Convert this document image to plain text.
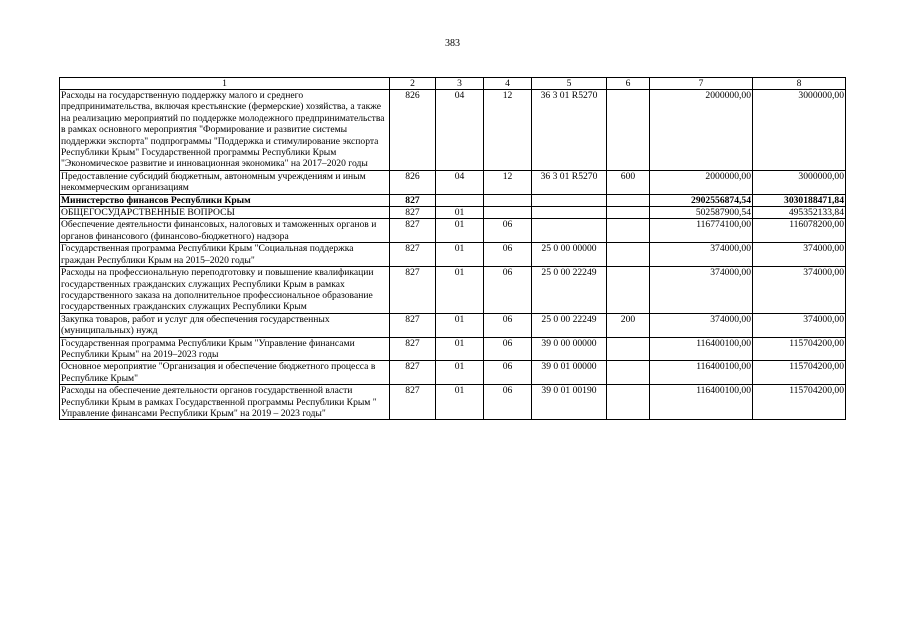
383
1	2	3	4	5	6	7	8
Расходы на государственную поддержку малого и среднего предпринимательства, включая крестьянские (фермерские) хозяйства, а также на реализацию мероприятий по поддержке молодежного предпринимательства в рамках основного мероприятия "Формирование и развитие системы поддержки экспорта" подпрограммы "Поддержка и стимулирование экспорта Республики Крым" Государственной программы Республики Крым "Экономическое развитие и инновационная экономика" на 2017–2020 годы	826	04	12	36 3 01 R5270		2000000,00	3000000,00
Предоставление субсидий бюджетным, автономным учреждениям и иным некоммерческим организациям	826	04	12	36 3 01 R5270	600	2000000,00	3000000,00
Министерство финансов Республики Крым	827					2902556874,54	3030188471,84
ОБЩЕГОСУДАРСТВЕННЫЕ ВОПРОСЫ	827	01				502587900,54	495352133,84
Обеспечение деятельности финансовых, налоговых и таможенных органов и органов финансового (финансово-бюджетного) надзора	827	01	06			116774100,00	116078200,00
Государственная программа Республики Крым "Социальная поддержка граждан Республики Крым на 2015–2020 годы"	827	01	06	25 0 00 00000		374000,00	374000,00
Расходы на профессиональную переподготовку и повышение квалификации государственных гражданских служащих Республики Крым в рамках государственного заказа на дополнительное профессиональное образование государственных гражданских служащих Республики Крым	827	01	06	25 0 00 22249		374000,00	374000,00
Закупка товаров, работ и услуг для обеспечения государственных (муниципальных) нужд	827	01	06	25 0 00 22249	200	374000,00	374000,00
Государственная программа Республики Крым "Управление финансами Республики Крым" на 2019–2023 годы	827	01	06	39 0 00 00000		116400100,00	115704200,00
Основное мероприятие "Организация и обеспечение бюджетного процесса в Республике Крым"	827	01	06	39 0 01 00000		116400100,00	115704200,00
Расходы на обеспечение деятельности органов государственной власти Республики Крым в рамках Государственной программы Республики Крым " Управление финансами Республики Крым" на 2019 – 2023 годы"	827	01	06	39 0 01 00190		116400100,00	115704200,00
